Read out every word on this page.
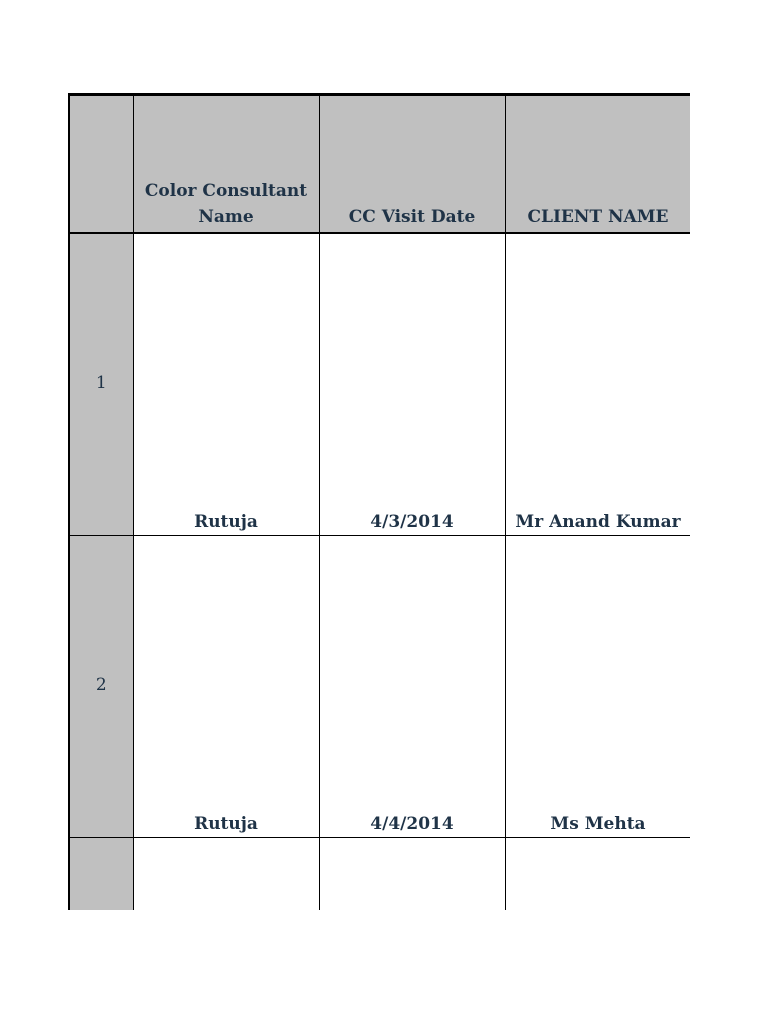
	Color Consultant Name	CC Visit Date	CLIENT NAME
1	Rutuja	4/3/2014	Mr Anand Kumar
2	Rutuja	4/4/2014	Ms Mehta
